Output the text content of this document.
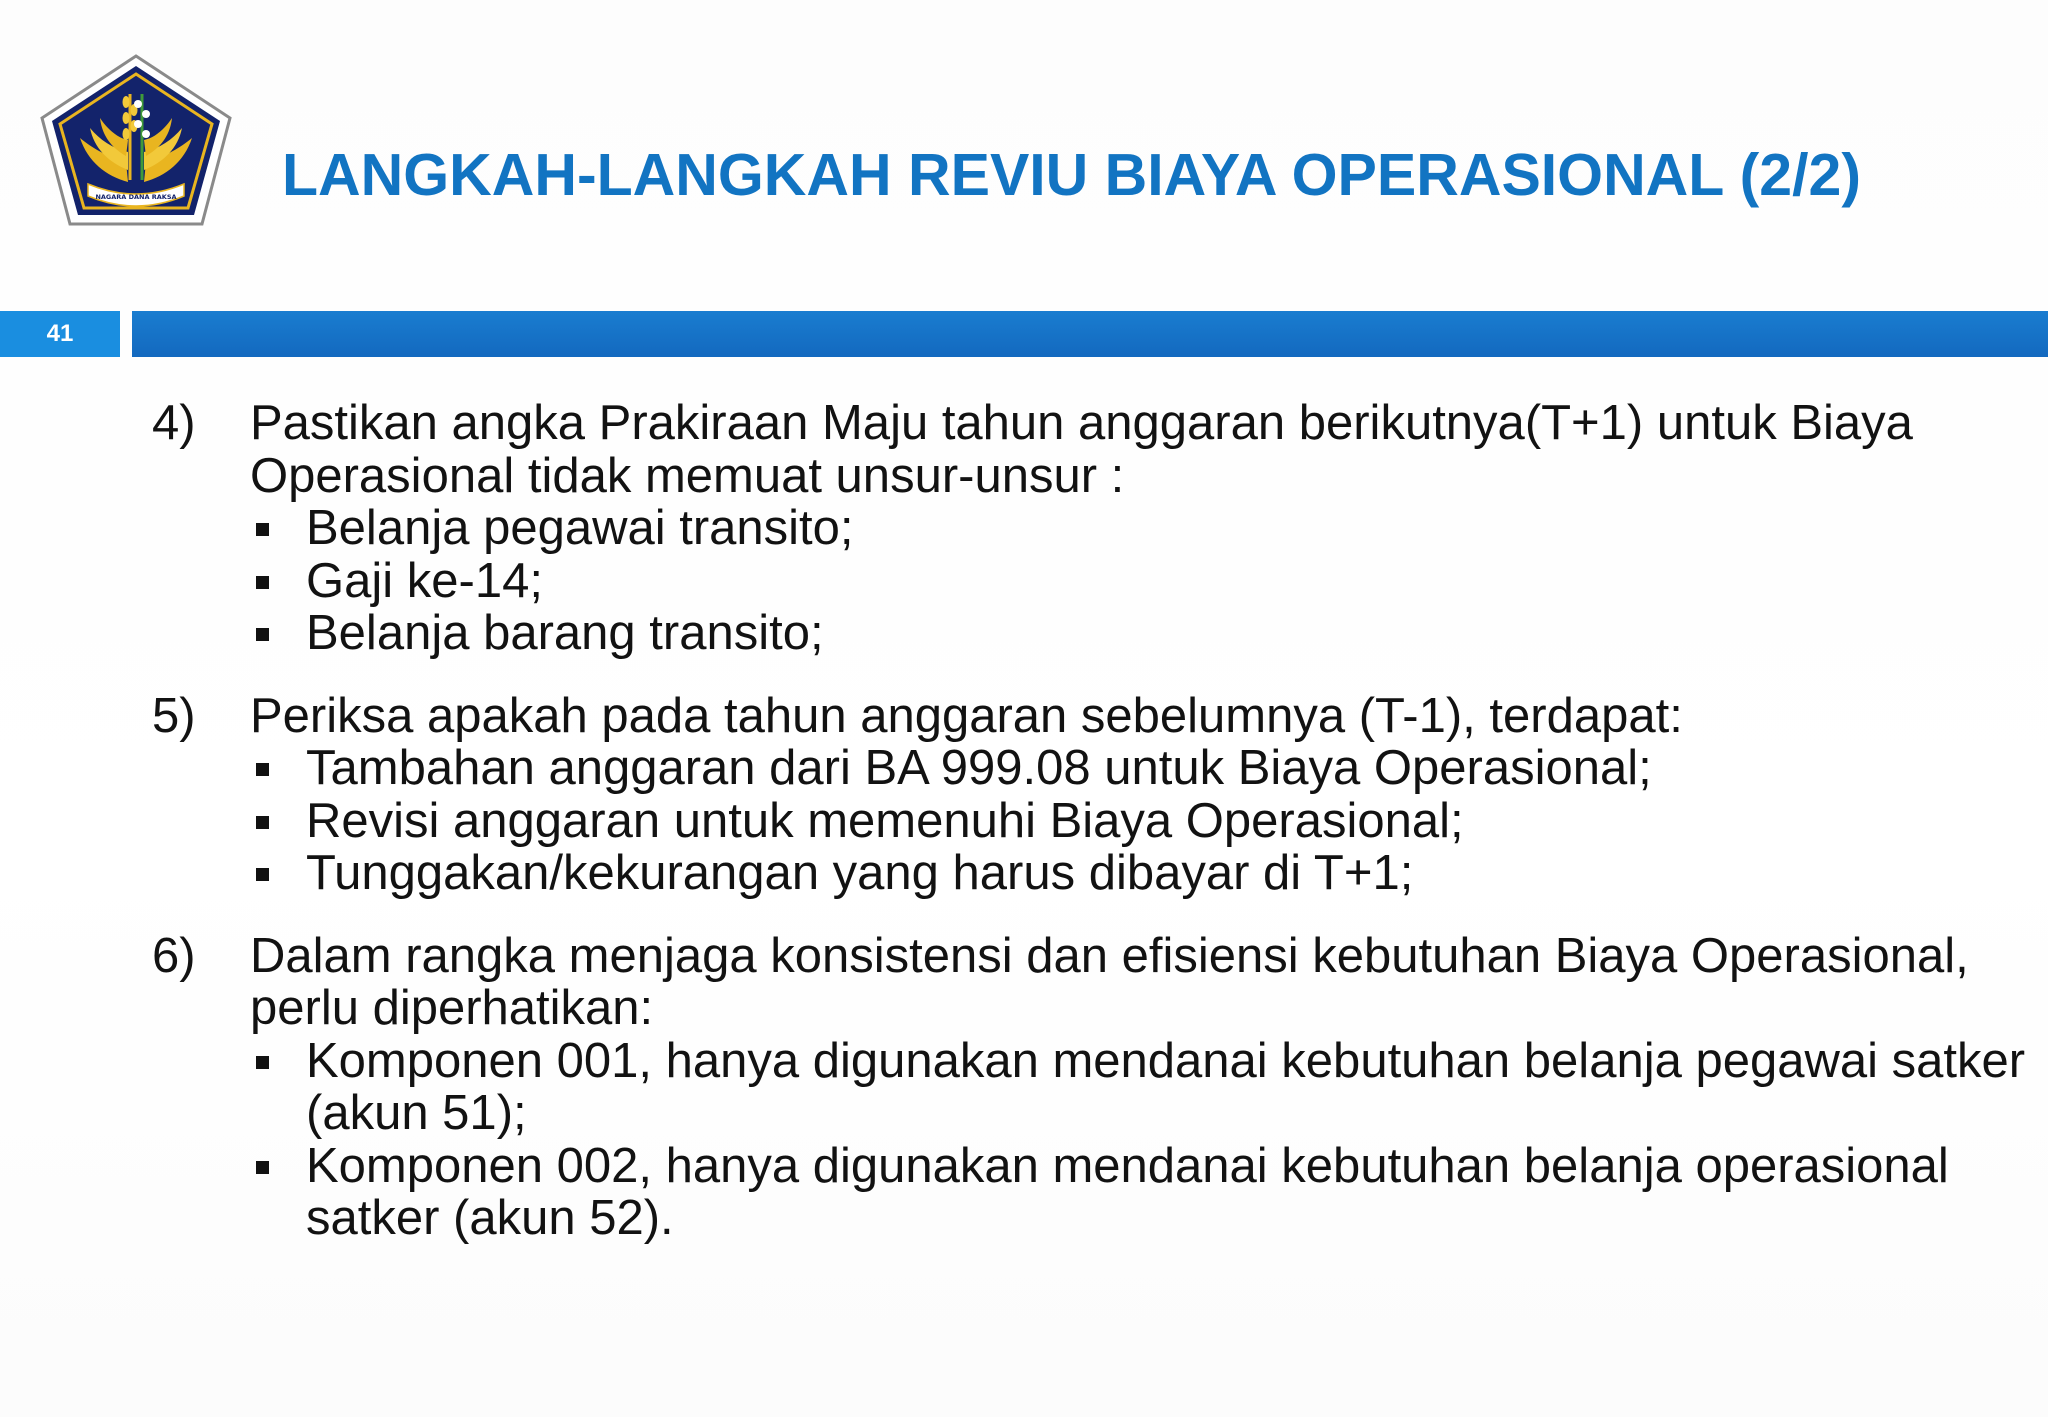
NAGARA DANA RAKSA LANGKAH-LANGKAH REVIU BIAYA OPERASIONAL (2/2)
41
4) Pastikan angka Prakiraan Maju tahun anggaran berikutnya(T+1) untuk Biaya Operasional tidak memuat unsur-unsur :
Belanja pegawai transito;
Gaji ke-14;
Belanja barang transito;
5) Periksa apakah pada tahun anggaran sebelumnya (T-1), terdapat:
Tambahan anggaran dari BA 999.08 untuk Biaya Operasional;
Revisi anggaran untuk memenuhi Biaya Operasional;
Tunggakan/kekurangan yang harus dibayar di T+1;
6) Dalam rangka menjaga konsistensi dan efisiensi kebutuhan Biaya Operasional, perlu diperhatikan:
Komponen 001, hanya digunakan mendanai kebutuhan belanja pegawai satker (akun 51);
Komponen 002, hanya digunakan mendanai kebutuhan belanja operasional satker (akun 52).
